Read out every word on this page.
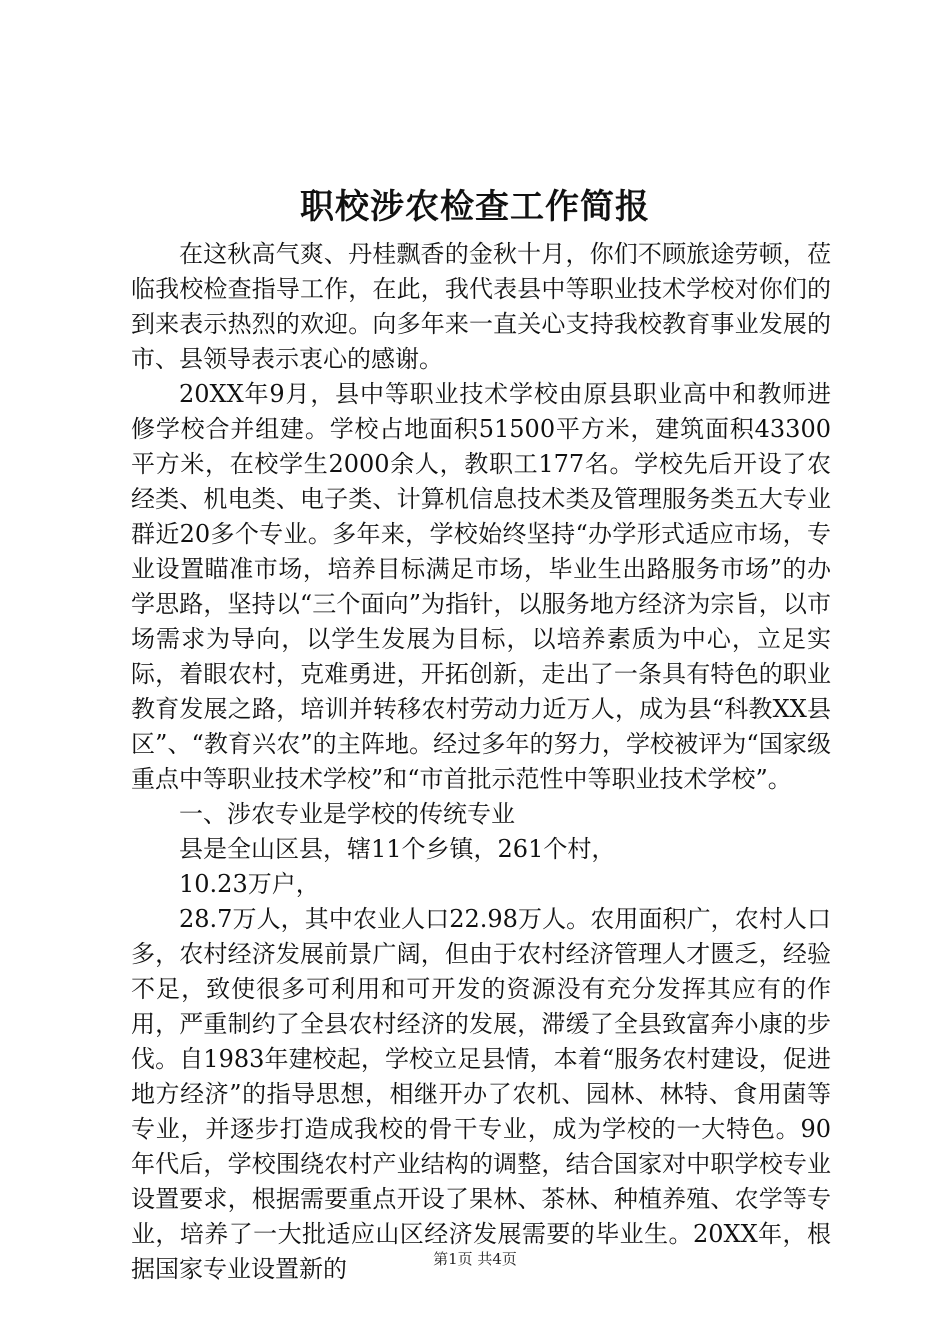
职校涉农检查工作简报

在这秋高气爽、丹桂飘香的金秋十月，你们不顾旅途劳顿，莅临我校检查指导工作，在此，我代表县中等职业技术学校对你们的到来表示热烈的欢迎。向多年来一直关心支持我校教育事业发展的市、县领导表示衷心的感谢。

20XX年9月，县中等职业技术学校由原县职业高中和教师进修学校合并组建。学校占地面积51500平方米，建筑面积43300平方米，在校学生2000余人，教职工177名。学校先后开设了农经类、机电类、电子类、计算机信息技术类及管理服务类五大专业群近20多个专业。多年来，学校始终坚持“办学形式适应市场，专业设置瞄准市场，培养目标满足市场，毕业生出路服务市场”的办学思路，坚持以“三个面向”为指针，以服务地方经济为宗旨，以市场需求为导向，以学生发展为目标，以培养素质为中心，立足实际，着眼农村，克难勇进，开拓创新，走出了一条具有特色的职业教育发展之路，培训并转移农村劳动力近万人，成为县“科教XX县区”、“教育兴农”的主阵地。经过多年的努力，学校被评为“国家级重点中等职业技术学校”和“市首批示范性中等职业技术学校”。

一、涉农专业是学校的传统专业

县是全山区县，辖11个乡镇，261个村，

10.23万户，

28.7万人，其中农业人口22.98万人。农用面积广，农村人口多，农村经济发展前景广阔，但由于农村经济管理人才匮乏，经验不足，致使很多可利用和可开发的资源没有充分发挥其应有的作用，严重制约了全县农村经济的发展，滞缓了全县致富奔小康的步伐。自1983年建校起，学校立足县情，本着“服务农村建设，促进地方经济”的指导思想，相继开办了农机、园林、林特、食用菌等专业，并逐步打造成我校的骨干专业，成为学校的一大特色。90年代后，学校围绕农村产业结构的调整，结合国家对中职学校专业设置要求，根据需要重点开设了果林、茶林、种植养殖、农学等专业，培养了一大批适应山区经济发展需要的毕业生。20XX年，根据国家专业设置新的	第1页 共4页
